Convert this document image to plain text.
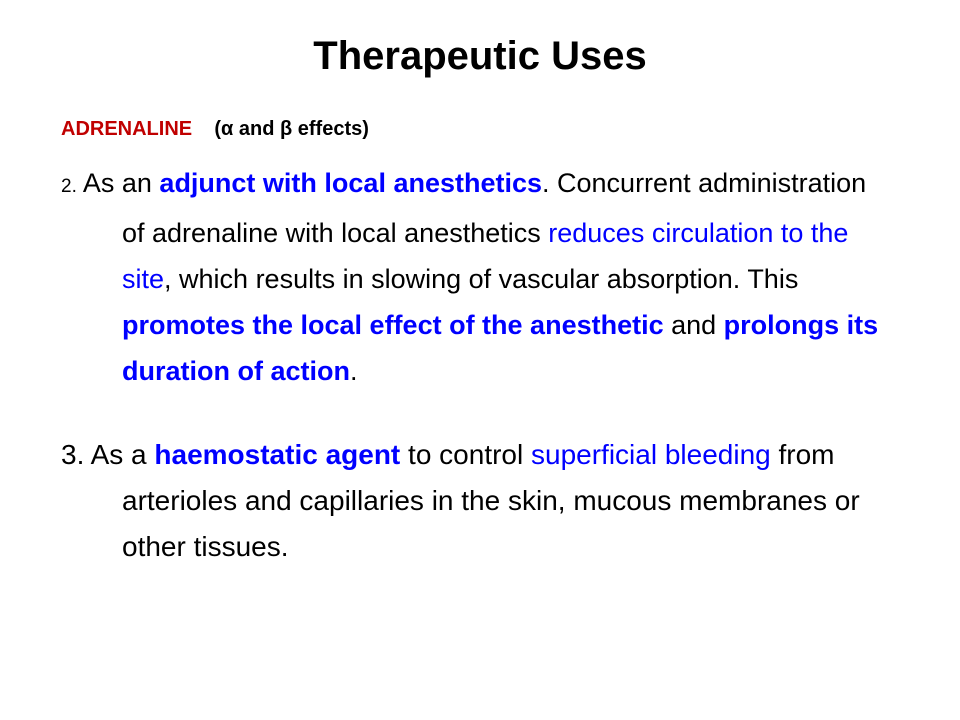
Therapeutic Uses
ADRENALINE (α and β effects)
2. As an adjunct with local anesthetics. Concurrent administration of adrenaline with local anesthetics reduces circulation to the site, which results in slowing of vascular absorption. This promotes the local effect of the anesthetic and prolongs its duration of action.
3. As a haemostatic agent to control superficial bleeding from arterioles and capillaries in the skin, mucous membranes or other tissues.
